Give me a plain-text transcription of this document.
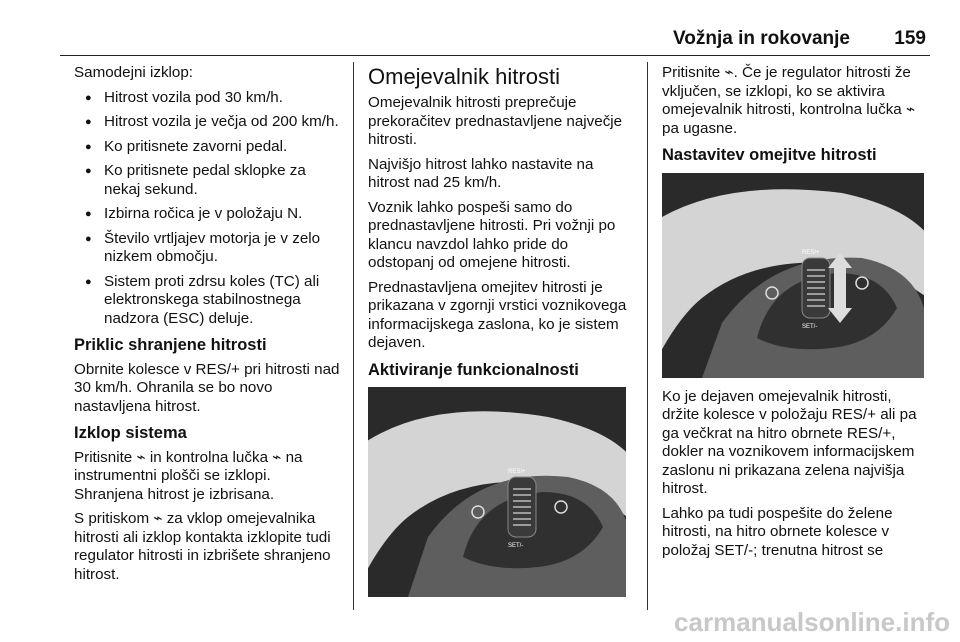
Vožnja in rokovanje 159

Samodejni izklop:

● Hitrost vozila pod 30 km/h.
● Hitrost vozila je večja od 200 km/h.
● Ko pritisnete zavorni pedal.
● Ko pritisnete pedal sklopke za nekaj sekund.
● Izbirna ročica je v položaju N.
● Število vrtljajev motorja je v zelo nizkem območju.
● Sistem proti zdrsu koles (TC) ali elektronskega stabilnostnega nadzora (ESC) deluje.
Priklic shranjene hitrosti

Obrnite kolesce v RES/+ pri hitrosti nad 30 km/h. Ohranila se bo novo nastavljena hitrost.

Izklop sistema

Pritisnite ⌁ in kontrolna lučka ⌁ na instrumentni plošči se izklopi. Shranjena hitrost je izbrisana.

S pritiskom ⌁ za vklop omejevalnika hitrosti ali izklop kontakta izklopite tudi regulator hitrosti in izbrišete shranjeno hitrost.

Omejevalnik hitrosti

Omejevalnik hitrosti preprečuje prekoračitev prednastavljene največje hitrosti.

Najvišjo hitrost lahko nastavite na hitrost nad 25 km/h.

Voznik lahko pospeši samo do prednastavljene hitrosti. Pri vožnji po klancu navzdol lahko pride do odstopanj od omejene hitrosti.

Prednastavljena omejitev hitrosti je prikazana v zgornji vrstici voznikovega informacijskega zaslona, ko je sistem dejaven.

Aktiviranje funkcionalnosti
RES/+
SET/-

Pritisnite ⌁. Če je regulator hitrosti že vključen, se izklopi, ko se aktivira omejevalnik hitrosti, kontrolna lučka ⌁ pa ugasne.

Nastavitev omejitve hitrosti
RES/+
SET/-

Ko je dejaven omejevalnik hitrosti, držite kolesce v položaju RES/+ ali pa ga večkrat na hitro obrnete RES/+, dokler na voznikovem informacijskem zaslonu ni prikazana zelena najvišja hitrost.

Lahko pa tudi pospešite do želene hitrosti, na hitro obrnete kolesce v položaj SET/-; trenutna hitrost se

carmanualsonline.info
